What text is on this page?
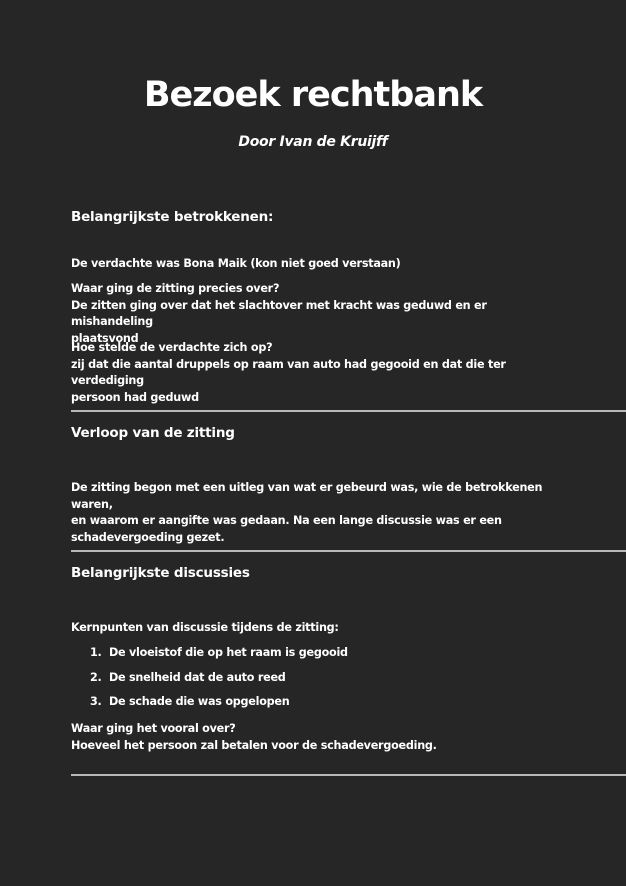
Bezoek rechtbank
Door Ivan de Kruijff
Belangrijkste betrokkenen:
De verdachte was Bona Maik (kon niet goed verstaan)
Waar ging de zitting precies over?
De zitten ging over dat het slachtover met kracht was geduwd en er mishandeling
plaatsvond
Hoe stelde de verdachte zich op?
zij dat die aantal druppels op raam van auto had gegooid en dat die ter verdediging
persoon had geduwd
Verloop van de zitting
De zitting begon met een uitleg van wat er gebeurd was, wie de betrokkenen waren,
en waarom er aangifte was gedaan. Na een lange discussie was er een
schadevergoeding gezet.
Belangrijkste discussies
Kernpunten van discussie tijdens de zitting:
1. De vloeistof die op het raam is gegooid
2. De snelheid dat de auto reed
3. De schade die was opgelopen
Waar ging het vooral over?
Hoeveel het persoon zal betalen voor de schadevergoeding.
